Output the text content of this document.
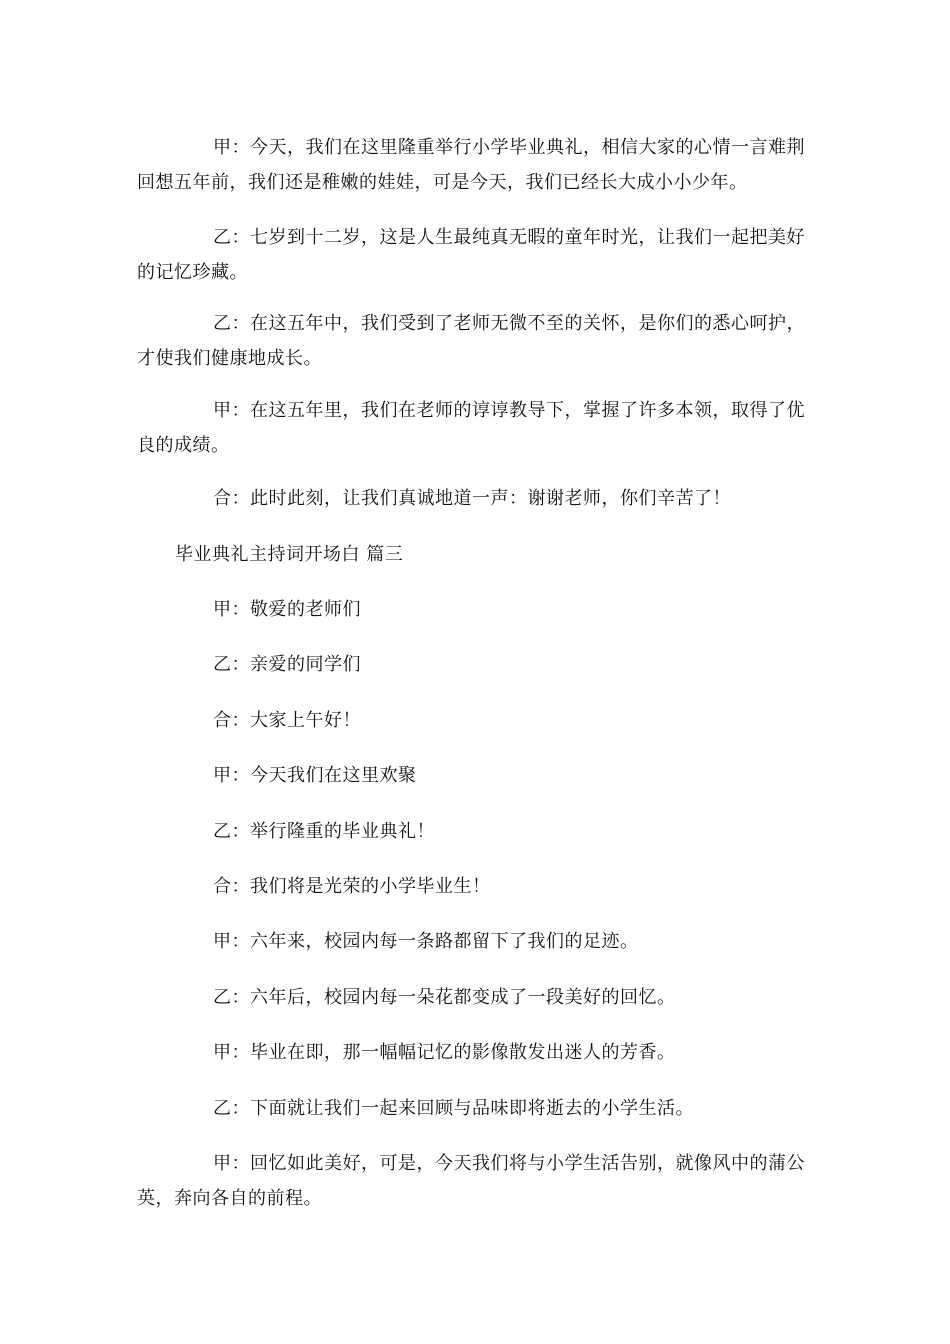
甲：今天，我们在这里隆重举行小学毕业典礼，相信大家的心情一言难荆回想五年前，我们还是稚嫩的娃娃，可是今天，我们已经长大成小小少年。

乙：七岁到十二岁，这是人生最纯真无暇的童年时光，让我们一起把美好的记忆珍藏。

乙：在这五年中，我们受到了老师无微不至的关怀，是你们的悉心呵护，才使我们健康地成长。

甲：在这五年里，我们在老师的谆谆教导下，掌握了许多本领，取得了优良的成绩。

合：此时此刻，让我们真诚地道一声：谢谢老师，你们辛苦了！

毕业典礼主持词开场白 篇三

甲：敬爱的老师们

乙：亲爱的同学们

合：大家上午好！

甲：今天我们在这里欢聚

乙：举行隆重的毕业典礼！

合：我们将是光荣的小学毕业生！

甲：六年来，校园内每一条路都留下了我们的足迹。

乙：六年后，校园内每一朵花都变成了一段美好的回忆。

甲：毕业在即，那一幅幅记忆的影像散发出迷人的芳香。

乙：下面就让我们一起来回顾与品味即将逝去的小学生活。

甲：回忆如此美好，可是，今天我们将与小学生活告别，就像风中的蒲公英，奔向各自的前程。
